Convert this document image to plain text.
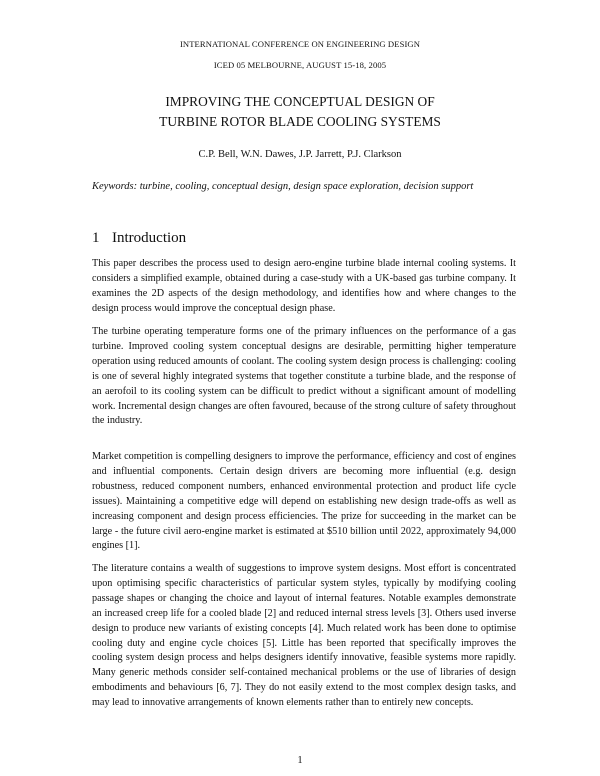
INTERNATIONAL CONFERENCE ON ENGINEERING DESIGN
ICED 05 MELBOURNE, AUGUST 15-18, 2005
IMPROVING THE CONCEPTUAL DESIGN OF
TURBINE ROTOR BLADE COOLING SYSTEMS
C.P. Bell, W.N. Dawes, J.P. Jarrett, P.J. Clarkson
Keywords: turbine, cooling, conceptual design, design space exploration, decision support
1 Introduction

This paper describes the process used to design aero-engine turbine blade internal cooling systems. It considers a simplified example, obtained during a case-study with a UK-based gas turbine company. It examines the 2D aspects of the design methodology, and identifies how and where changes to the design process would improve the conceptual design phase.

The turbine operating temperature forms one of the primary influences on the performance of a gas turbine. Improved cooling system conceptual designs are desirable, permitting higher temperature operation using reduced amounts of coolant. The cooling system design process is challenging: cooling is one of several highly integrated systems that together constitute a turbine blade, and the response of an aerofoil to its cooling system can be difficult to predict without a significant amount of modelling work. Incremental design changes are often favoured, because of the strong culture of safety throughout the industry.

Market competition is compelling designers to improve the performance, efficiency and cost of engines and influential components. Certain design drivers are becoming more influential (e.g. design robustness, reduced component numbers, enhanced environmental protection and product life cycle issues). Maintaining a competitive edge will depend on establishing new design trade-offs as well as increasing component and design process efficiencies. The prize for succeeding in the market can be large - the future civil aero-engine market is estimated at $510 billion until 2022, approximately 94,000 engines [1].

The literature contains a wealth of suggestions to improve system designs. Most effort is concentrated upon optimising specific characteristics of particular system styles, typically by modifying cooling passage shapes or changing the choice and layout of internal features. Notable examples demonstrate an increased creep life for a cooled blade [2] and reduced internal stress levels [3]. Others used inverse design to produce new variants of existing concepts [4]. Much related work has been done to optimise cooling duty and engine cycle choices [5]. Little has been reported that specifically improves the cooling system design process and helps designers identify innovative, feasible systems more rapidly. Many generic methods consider self-contained mechanical problems or the use of libraries of design embodiments and behaviours [6, 7]. They do not easily extend to the most complex design tasks, and may lead to innovative arrangements of known elements rather than to entirely new concepts.

1
